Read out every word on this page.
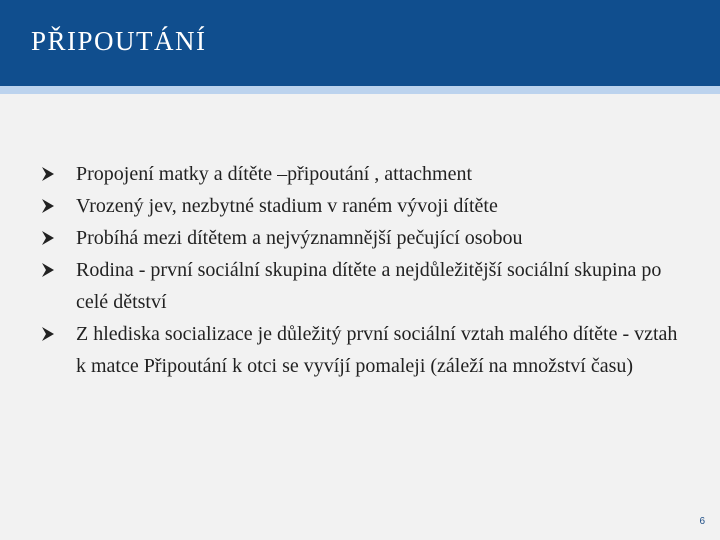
PŘIPOUTÁNÍ
Propojení matky a dítěte –připoutání , attachment
Vrozený jev, nezbytné stadium v raném vývoji dítěte
Probíhá mezi dítětem a nejvýznamnější pečující osobou
Rodina - první sociální skupina dítěte a nejdůležitější sociální skupina po celé dětství
Z hlediska socializace je důležitý první sociální vztah malého dítěte - vztah k matce Připoutání k otci se vyvíjí pomaleji (záleží na množství času)
6
